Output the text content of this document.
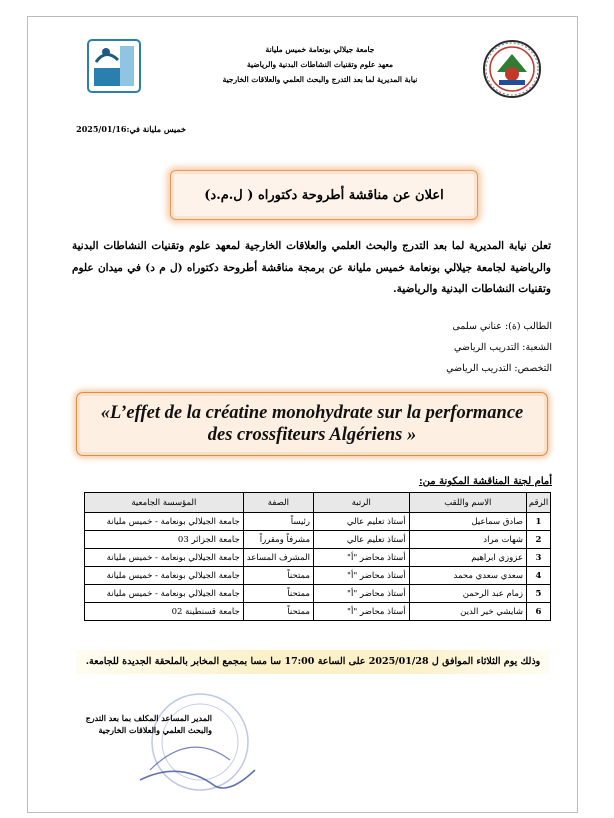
جامعة جيلالي بونعامة خميس مليانة
معهد علوم وتقنيات النشاطات البدنية والرياضية
نيابة المديرية لما بعد التدرج والبحث العلمي والعلاقات الخارجية
خميس مليانة في:2025/01/16
اعلان عن مناقشة أطروحة دكتوراه ( ل.م.د)
تعلن نيابة المديرية لما بعد التدرج والبحث العلمي والعلاقات الخارجية لمعهد علوم وتقنيات النشاطات البدنية والرياضية لجامعة جيلالي بونعامة خميس مليانة عن برمجة مناقشة أطروحة دكتوراه (ل م د) في ميدان علوم وتقنيات النشاطات البدنية والرياضية.
الطالب (ة): عناني سلمى
الشعبة: التدريب الرياضي
التخصص: التدريب الرياضي
«L’effet de la créatine monohydrate sur la performance
des crossfiteurs Algériens »
أمام لجنة المناقشة المكونة من:
الرقم	الاسم واللقب	الرتبة	الصفة	المؤسسة الجامعية
1	صادق سماعيل	أستاذ تعليم عالي	رئيساً	جامعة الجيلالي بونعامة - خميس مليانة
2	شهات مراد	أستاذ تعليم عالي	مشرفاً ومقرراً	جامعة الجزائر 03
3	عزوزي ابراهيم	أستاذ محاضر "أ"	المشرف المساعد	جامعة الجيلالي بونعامة - خميس مليانة
4	سعدي سعدي محمد	أستاذ محاضر "أ"	ممتحناً	جامعة الجيلالي بونعامة - خميس مليانة
5	زمام عبد الرحمن	أستاذ محاضر "أ"	ممتحناً	جامعة الجيلالي بونعامة - خميس مليانة
6	شايشي خير الدين	أستاذ محاضر "أ"	ممتحناً	جامعة قسنطينة 02
وذلك يوم الثلاثاء الموافق ل 2025/01/28 على الساعة 17:00 سا مسا بمجمع المخابر بالملحقة الجديدة للجامعة.
المدير المساعد المكلف بما بعد التدرج
والبحث العلمي والعلاقات الخارجية
